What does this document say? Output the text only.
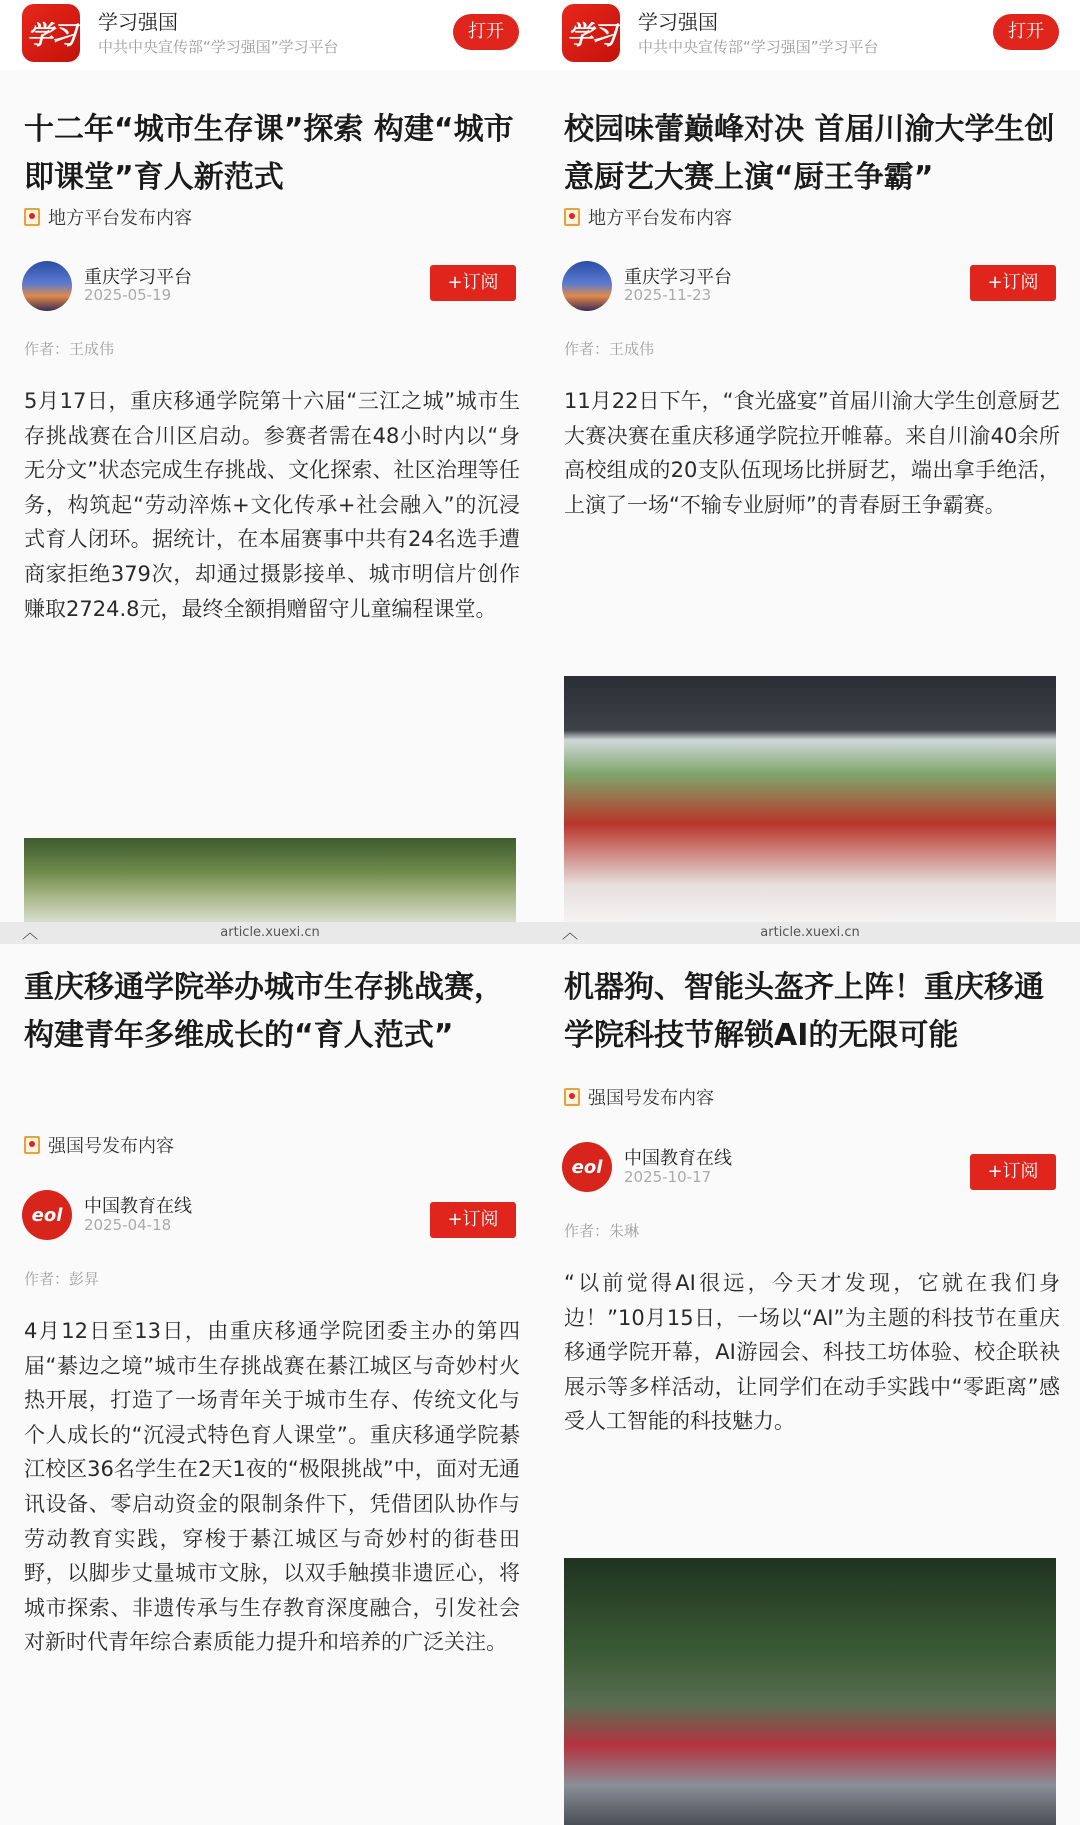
学习 学习强国
中共中央宣传部“学习强国”学习平台
打开
十二年“城市生存课”探索 构建“城市即课堂”育人新范式
地方平台发布内容
重庆学习平台
2025-05-19
+订阅
作者：王成伟
5月17日，重庆移通学院第十六届“三江之城”城市生存挑战赛在合川区启动。参赛者需在48小时内以“身无分文”状态完成生存挑战、文化探索、社区治理等任务，构筑起“劳动淬炼+文化传承+社会融入”的沉浸式育人闭环。据统计，在本届赛事中共有24名选手遭商家拒绝379次，却通过摄影接单、城市明信片创作赚取2724.8元，最终全额捐赠留守儿童编程课堂。
学习 学习强国
中共中央宣传部“学习强国”学习平台
打开
校园味蕾巅峰对决 首届川渝大学生创意厨艺大赛上演“厨王争霸”
地方平台发布内容
重庆学习平台
2025-11-23
+订阅
作者：王成伟
11月22日下午，“食光盛宴”首届川渝大学生创意厨艺大赛决赛在重庆移通学院拉开帷幕。来自川渝40余所高校组成的20支队伍现场比拼厨艺，端出拿手绝活，上演了一场“不输专业厨师”的青春厨王争霸赛。
︿	article.xuexi.cn
重庆移通学院举办城市生存挑战赛，构建青年多维成长的“育人范式”
强国号发布内容
eol	中国教育在线
2025-04-18	+订阅
作者：彭昇
4月12日至13日，由重庆移通学院团委主办的第四届“綦边之境”城市生存挑战赛在綦江城区与奇妙村火热开展，打造了一场青年关于城市生存、传统文化与个人成长的“沉浸式特色育人课堂”。重庆移通学院綦江校区36名学生在2天1夜的“极限挑战”中，面对无通讯设备、零启动资金的限制条件下，凭借团队协作与劳动教育实践，穿梭于綦江城区与奇妙村的街巷田野，以脚步丈量城市文脉，以双手触摸非遗匠心，将城市探索、非遗传承与生存教育深度融合，引发社会对新时代青年综合素质能力提升和培养的广泛关注。
︿	article.xuexi.cn
机器狗、智能头盔齐上阵！重庆移通学院科技节解锁AI的无限可能
强国号发布内容
eol	中国教育在线
2025-10-17	+订阅
作者：朱琳
“以前觉得AI很远，今天才发现，它就在我们身边！”10月15日，一场以“AI”为主题的科技节在重庆移通学院开幕，AI游园会、科技工坊体验、校企联袂展示等多样活动，让同学们在动手实践中“零距离”感受人工智能的科技魅力。
